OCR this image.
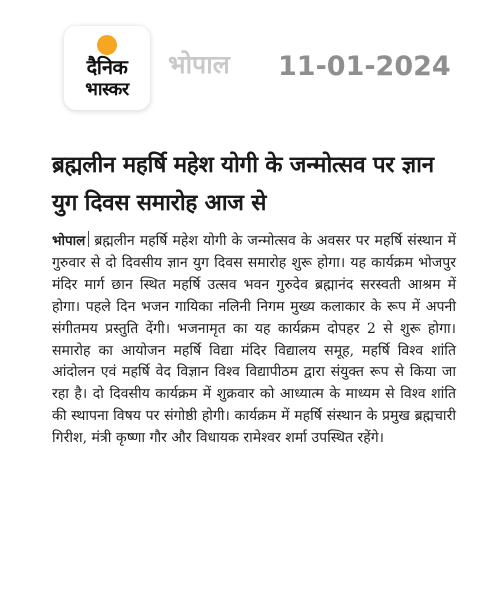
दैनिक
भास्कर
भोपाल 11-01-2024
ब्रह्मलीन महर्षि महेश योगी के जन्मोत्सव पर ज्ञान युग दिवस समारोह आज से

भोपाल ब्रह्मलीन महर्षि महेश योगी के जन्मोत्सव के अवसर पर महर्षि संस्थान में गुरुवार से दो दिवसीय ज्ञान युग दिवस समारोह शुरू होगा। यह कार्यक्रम भोजपुर मंदिर मार्ग छान स्थित महर्षि उत्सव भवन गुरुदेव ब्रह्मानंद सरस्वती आश्रम में होगा। पहले दिन भजन गायिका नलिनी निगम मुख्य कलाकार के रूप में अपनी संगीतमय प्रस्तुति देंगी। भजनामृत का यह कार्यक्रम दोपहर 2 से शुरू होगा। समारोह का आयोजन महर्षि विद्या मंदिर विद्यालय समूह, महर्षि विश्व शांति आंदोलन एवं महर्षि वेद विज्ञान विश्व विद्यापीठम द्वारा संयुक्त रूप से किया जा रहा है। दो दिवसीय कार्यक्रम में शुक्रवार को आध्यात्म के माध्यम से विश्व शांति की स्थापना विषय पर संगोष्ठी होगी। कार्यक्रम में महर्षि संस्थान के प्रमुख ब्रह्मचारी गिरीश, मंत्री कृष्णा गौर और विधायक रामेश्वर शर्मा उपस्थित रहेंगे।
